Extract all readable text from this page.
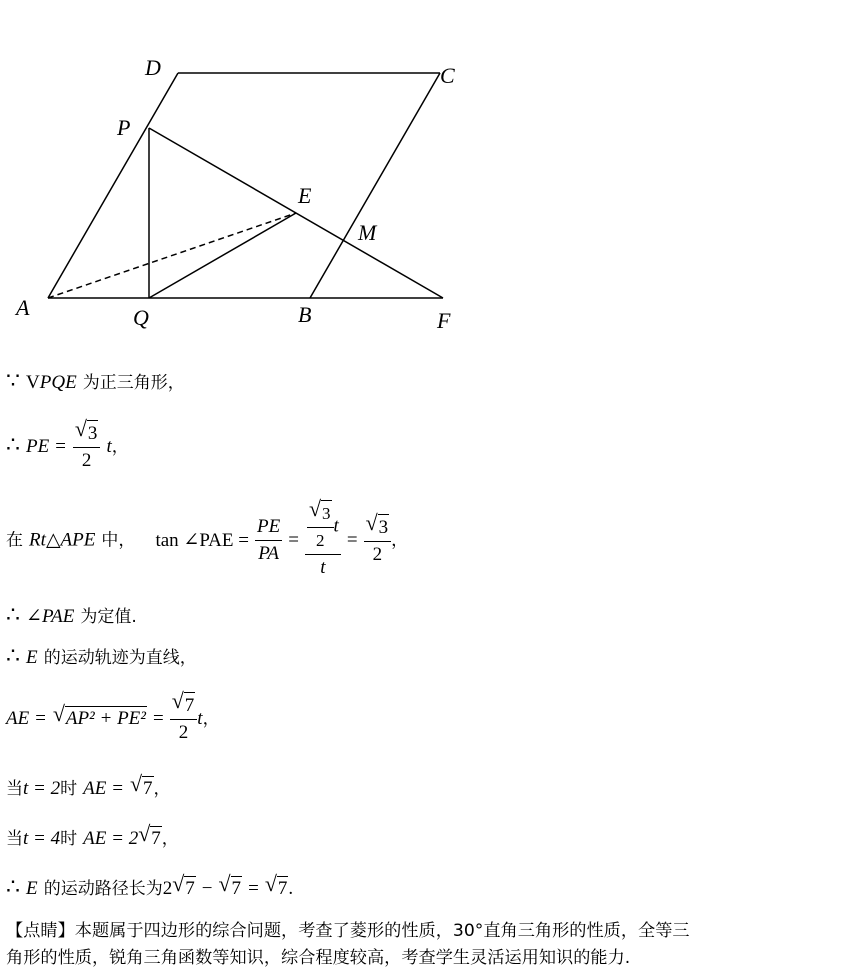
D	C
P
E
M
A	Q	B	F
∵ VPQE 为正三角形，
∴ PE = $\frac{√ 3}{2}$ t，
在 Rt△APE 中， tan ∠PAE = $\frac{PE}{PA} = \frac{\frac{√ 3}{2} t}{t} = \frac{√ 3}{2}$ ，
∴ ∠PAE 为定值.
∴ E 的运动轨迹为直线，
AE = √ $AP^2 + PE^2 = \frac{√ 7}{2}$ t，
当t = 2时 AE = √ 7，
当t = 4时 AE = 2 √ 7，
∴ E 的运动路径长为2 √ 7 − √ 7 = √ 7.
【点睛】本题属于四边形的综合问题，考查了菱形的性质，30°直角三角形的性质，全等三
角形的性质，锐角三角函数等知识，综合程度较高，考查学生灵活运用知识的能力.
